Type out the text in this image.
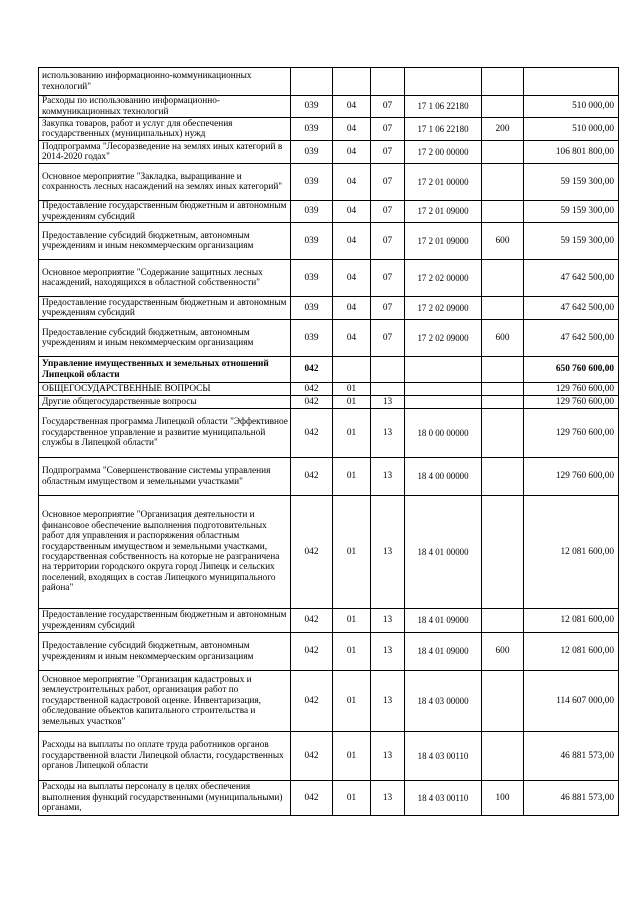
использованию информационно-коммуникационных технологий"						
Расходы по использованию информационно-коммуникационных технологий	039	04	07	17 1 06 22180		510 000,00
Закупка товаров, работ и услуг для обеспечения государственных (муниципальных) нужд	039	04	07	17 1 06 22180	200	510 000,00
Подпрограмма "Лесоразведение на землях иных категорий в 2014-2020 годах"	039	04	07	17 2 00 00000		106 801 800,00
Основное мероприятие "Закладка, выращивание и сохранность лесных насаждений на землях иных категорий"	039	04	07	17 2 01 00000		59 159 300,00
Предоставление государственным бюджетным и автономным учреждениям субсидий	039	04	07	17 2 01 09000		59 159 300,00
Предоставление субсидий бюджетным, автономным учреждениям и иным некоммерческим организациям	039	04	07	17 2 01 09000	600	59 159 300,00
Основное мероприятие "Содержание защитных лесных насаждений, находящихся в областной собственности"	039	04	07	17 2 02 00000		47 642 500,00
Предоставление государственным бюджетным и автономным учреждениям субсидий	039	04	07	17 2 02 09000		47 642 500,00
Предоставление субсидий бюджетным, автономным учреждениям и иным некоммерческим организациям	039	04	07	17 2 02 09000	600	47 642 500,00
Управление имущественных и земельных отношений Липецкой области	042					650 760 600,00
ОБЩЕГОСУДАРСТВЕННЫЕ ВОПРОСЫ	042	01				129 760 600,00
Другие общегосударственные вопросы	042	01	13			129 760 600,00
Государственная программа Липецкой области "Эффективное государственное управление и развитие муниципальной службы в Липецкой области"	042	01	13	18 0 00 00000		129 760 600,00
Подпрограмма "Совершенствование системы управления областным имуществом и земельными участками"	042	01	13	18 4 00 00000		129 760 600,00
Основное мероприятие "Организация деятельности и финансовое обеспечение выполнения подготовительных работ для управления и распоряжения областным государственным имуществом и земельными участками, государственная собственность на которые не разграничена на территории городского округа город Липецк и сельских поселений, входящих в состав Липецкого муниципального района"	042	01	13	18 4 01 00000		12 081 600,00
Предоставление государственным бюджетным и автономным учреждениям субсидий	042	01	13	18 4 01 09000		12 081 600,00
Предоставление субсидий бюджетным, автономным учреждениям и иным некоммерческим организациям	042	01	13	18 4 01 09000	600	12 081 600,00
Основное мероприятие "Организация кадастровых и землеустроительных работ, организация работ по государственной кадастровой оценке. Инвентаризация, обследование объектов капитального строительства и земельных участков"	042	01	13	18 4 03 00000		114 607 000,00
Расходы на выплаты по оплате труда работников органов государственной власти Липецкой области, государственных органов Липецкой области	042	01	13	18 4 03 00110		46 881 573,00
Расходы на выплаты персоналу в целях обеспечения выполнения функций государственными (муниципальными) органами,	042	01	13	18 4 03 00110	100	46 881 573,00
